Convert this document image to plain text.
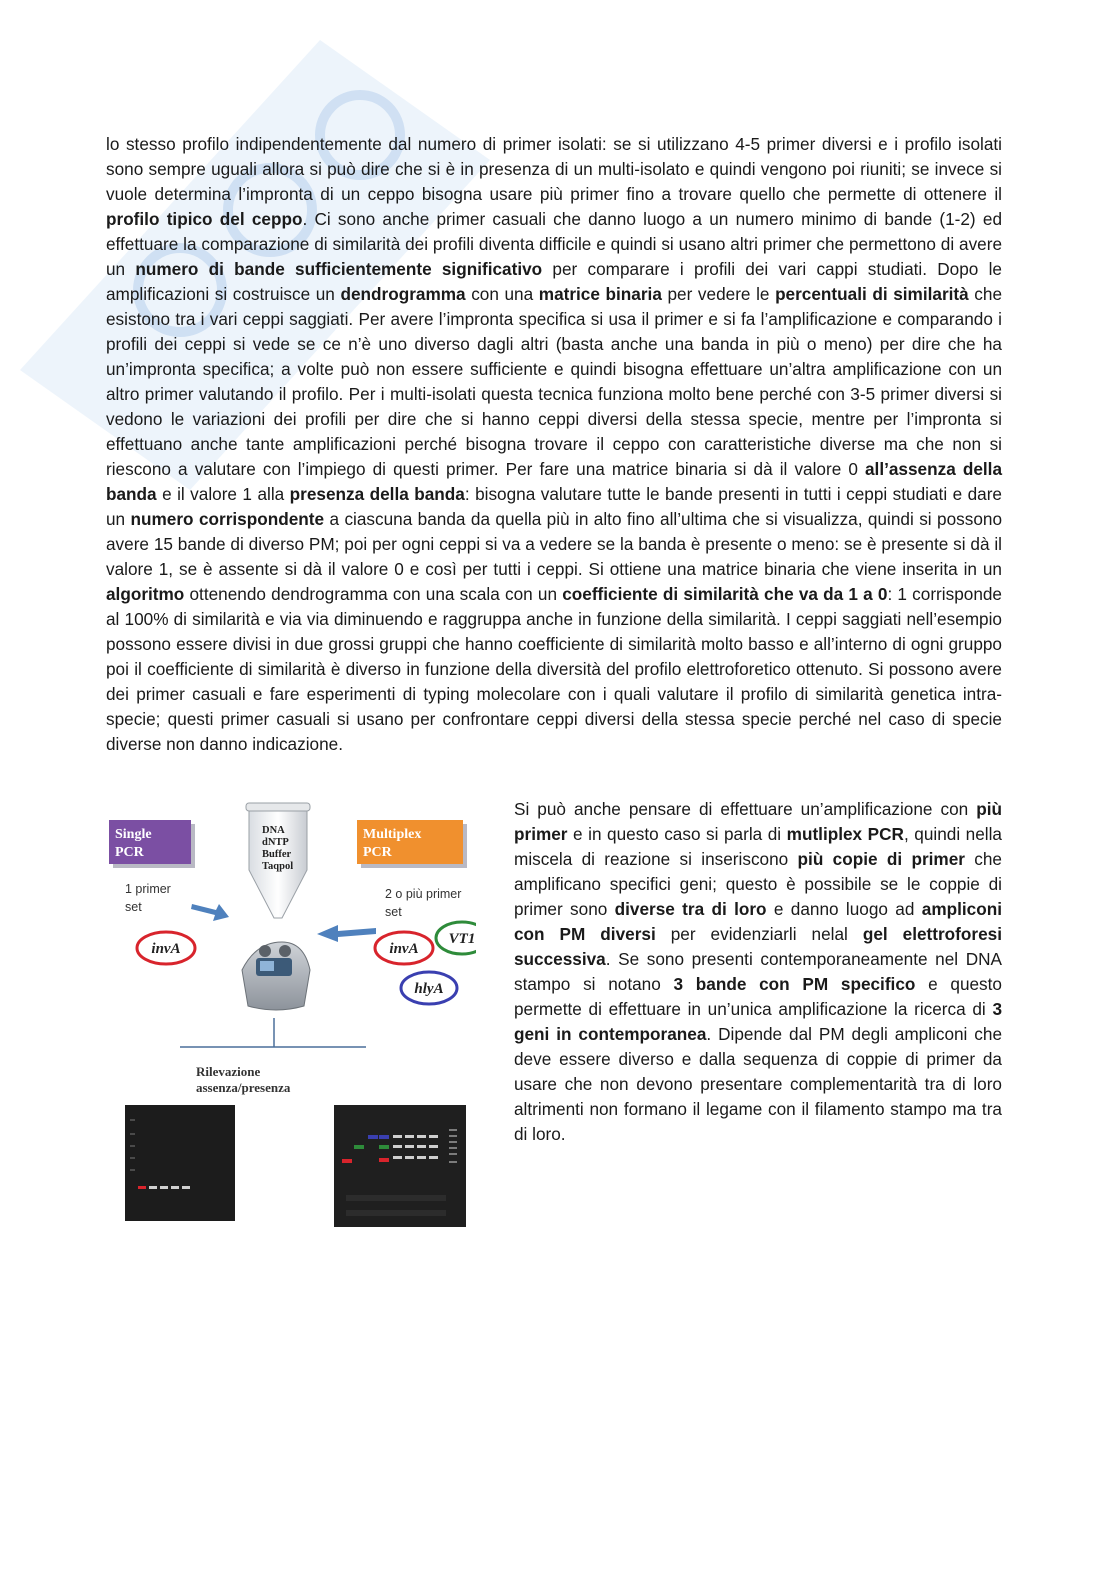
lo stesso profilo indipendentemente dal numero di primer isolati: se si utilizzano 4-5 primer diversi e i profilo isolati sono sempre uguali allora si può dire che si è in presenza di un multi-isolato e quindi vengono poi riuniti; se invece si vuole determina l’impronta di un ceppo bisogna usare più primer fino a trovare quello che permette di ottenere il profilo tipico del ceppo. Ci sono anche primer casuali che danno luogo a un numero minimo di bande (1-2) ed effettuare la comparazione di similarità dei profili diventa difficile e quindi si usano altri primer che permettono di avere un numero di bande sufficientemente significativo per comparare i profili dei vari cappi studiati. Dopo le amplificazioni si costruisce un dendrogramma con una matrice binaria per vedere le percentuali di similarità che esistono tra i vari ceppi saggiati. Per avere l’impronta specifica si usa il primer e si fa l’amplificazione e comparando i profili dei ceppi si vede se ce n’è uno diverso dagli altri (basta anche una banda in più o meno) per dire che ha un’impronta specifica; a volte può non essere sufficiente e quindi bisogna effettuare un’altra amplificazione con un altro primer valutando il profilo. Per i multi-isolati questa tecnica funziona molto bene perché con 3-5 primer diversi si vedono le variazioni dei profili per dire che si hanno ceppi diversi della stessa specie, mentre per l’impronta si effettuano anche tante amplificazioni perché bisogna trovare il ceppo con caratteristiche diverse ma che non si riescono a valutare con l’impiego di questi primer. Per fare una matrice binaria si dà il valore 0 all’assenza della banda e il valore 1 alla presenza della banda: bisogna valutare tutte le bande presenti in tutti i ceppi studiati e dare un numero corrispondente a ciascuna banda da quella più in alto fino all’ultima che si visualizza, quindi si possono avere 15 bande di diverso PM; poi per ogni ceppi si va a vedere se la banda è presente o meno: se è presente si dà il valore 1, se è assente si dà il valore 0 e così per tutti i ceppi. Si ottiene una matrice binaria che viene inserita in un algoritmo ottenendo dendrogramma con una scala con un coefficiente di similarità che va da 1 a 0: 1 corrisponde al 100% di similarità e via via diminuendo e raggruppa anche in funzione della similarità. I ceppi saggiati nell’esempio possono essere divisi in due grossi gruppi che hanno coefficiente di similarità molto basso e all’interno di ogni gruppo poi il coefficiente di similarità è diverso in funzione della diversità del profilo elettroforetico ottenuto. Si possono avere dei primer casuali e fare esperimenti di typing molecolare con i quali valutare il profilo di similarità genetica intra-specie; questi primer casuali si usano per confrontare ceppi diversi della stessa specie perché nel caso di specie diverse non danno indicazione.

Si può anche pensare di effettuare un’amplificazione con più primer e in questo caso si parla di mutliplex PCR, quindi nella miscela di reazione si inseriscono più copie di primer che amplificano specifici geni; questo è possibile se le coppie di primer sono diverse tra di loro e danno luogo ad ampliconi con PM diversi per evidenziarli nelal gel elettroforesi successiva. Se sono presenti contemporaneamente nel DNA stampo si notano 3 bande con PM specifico e questo permette di effettuare in un’unica amplificazione la ricerca di 3 geni in contemporanea. Dipende dal PM degli ampliconi che deve essere diverso e dalla sequenza di coppie di primer da usare che non devono presentare complementarità tra di loro altrimenti non formano il legame con il filamento stampo ma tra di loro.

Single
PCR
Multiplex
PCR
DNA
dNTP
Buffer
Taqpol
1 primer
set
2 o più primer
set
invA	invA
VT1
hlyA
Rilevazione
assenza/presenza
